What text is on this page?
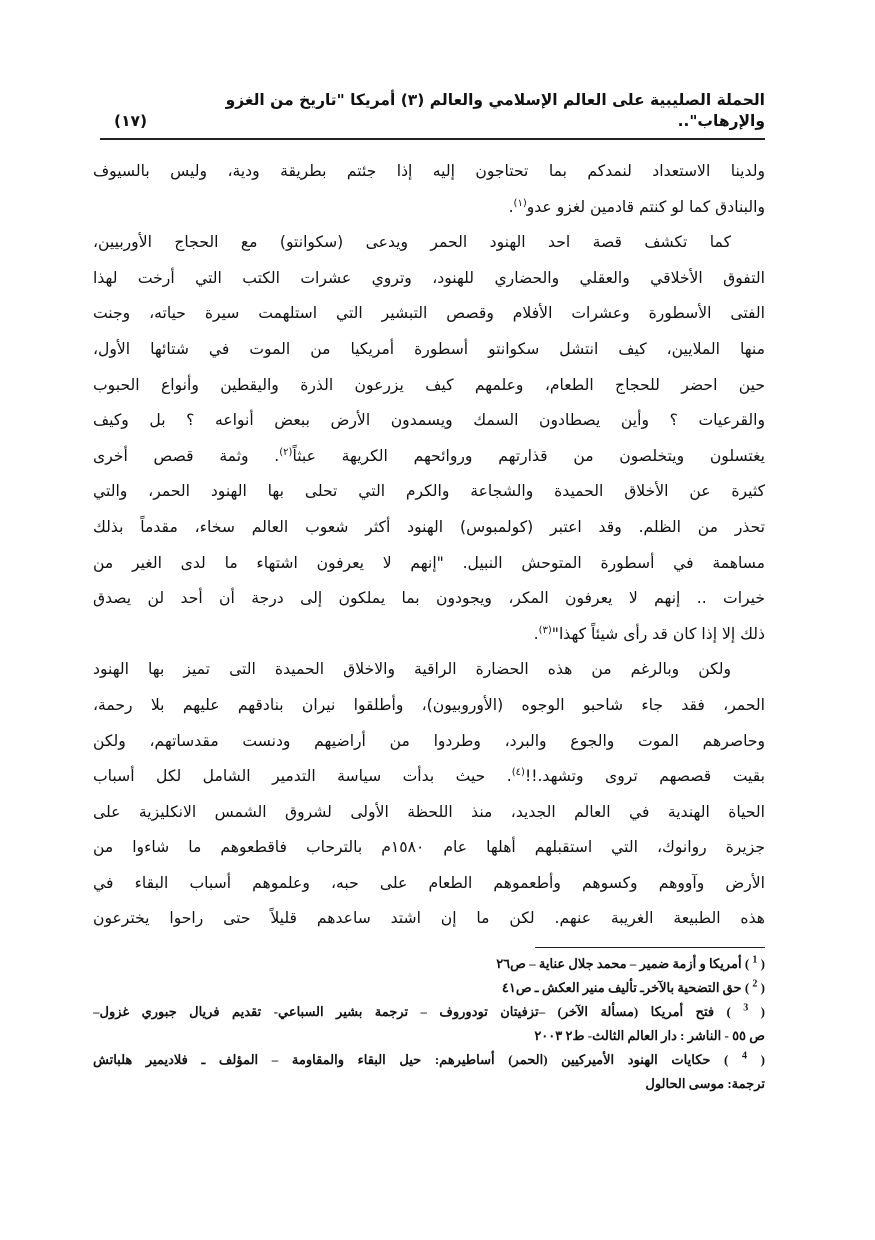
الحملة الصليبية على العالم الإسلامي والعالم (٣) أمريكا "تاريخ من الغزو والإرهاب"..
(١٧)
ولدينا الاستعداد لنمدكم بما تحتاجون إليه إذا جئتم بطريقة ودية، وليس بالسيوف
والبنادق كما لو كنتم قادمين لغزو عدو$^{(١)}$.
كما تكشف قصة احد الهنود الحمر ويدعى (سكوانتو) مع الحجاج الأوربيين،
التفوق الأخلاقي والعقلي والحضاري للهنود، وتروي عشرات الكتب التي أرخت لهذا
الفتى الأسطورة وعشرات الأفلام وقصص التبشير التي استلهمت سيرة حياته، وجنت
منها الملايين، كيف انتشل سكوانتو أسطورة أمريكيا من الموت في شتائها الأول،
حين احضر للحجاج الطعام، وعلمهم كيف يزرعون الذرة واليقطين وأنواع الحبوب
والقرعيات ؟ وأين يصطادون السمك ويسمدون الأرض ببعض أنواعه ؟ بل وكيف
يغتسلون ويتخلصون من قذارتهم وروائحهم الكريهة عبثاً$^{(٢)}$. وثمة قصص أخرى
كثيرة عن الأخلاق الحميدة والشجاعة والكرم التي تحلى بها الهنود الحمر، والتي
تحذر من الظلم. وقد اعتبر (كولمبوس) الهنود أكثر شعوب العالم سخاء، مقدماً بذلك
مساهمة في أسطورة المتوحش النبيل. "إنهم لا يعرفون اشتهاء ما لدى الغير من
خيرات .. إنهم لا يعرفون المكر، ويجودون بما يملكون إلى درجة أن أحد لن يصدق
ذلك إلا إذا كان قد رأى شيئاً كهذا"$^{(٣)}$.
ولكن وبالرغم من هذه الحضارة الراقية والاخلاق الحميدة التى تميز بها الهنود
الحمر، فقد جاء شاحبو الوجوه (الأوروبيون)، وأطلقوا نيران بنادقهم عليهم بلا رحمة،
وحاصرهم الموت والجوع والبرد، وطردوا من أراضيهم ودنست مقدساتهم، ولكن
بقيت قصصهم تروى وتشهد.!!$^{(٤)}$. حيث بدأت سياسة التدمير الشامل لكل أسباب
الحياة الهندية في العالم الجديد، منذ اللحظة الأولى لشروق الشمس الانكليزية على
جزيرة روانوك، التي استقبلهم أهلها عام ١٥٨٠م بالترحاب فاقطعوهم ما شاءوا من
الأرض وآووهم وكسوهم وأطعموهم الطعام على حبه، وعلموهم أسباب البقاء في
هذه الطبيعة الغريبة عنهم. لكن ما إن اشتد ساعدهم قليلاً حتى راحوا يخترعون
( $^1$ ) أمريكا و أزمة ضمير – محمد جلال عناية – ص٢٦
( $^2$ ) حق التضحية بالآخرـ تأليف منير العكش ـ ص٤١
( $^3$ ) فتح أمريكا (مسألة الآخر) –تزفيتان تودوروف – ترجمة بشير السباعي- تقديم فريال جبوري غزول–
ص ٥٥ - الناشر : دار العالم الثالث- ط٢ ٢٠٠٣
( $^4$ ) حكايات الهنود الأميركيين (الحمر) أساطيرهم: حيل البقاء والمقاومة – المؤلف ـ فلاديمير هلباتش
ترجمة: موسى الحالول
